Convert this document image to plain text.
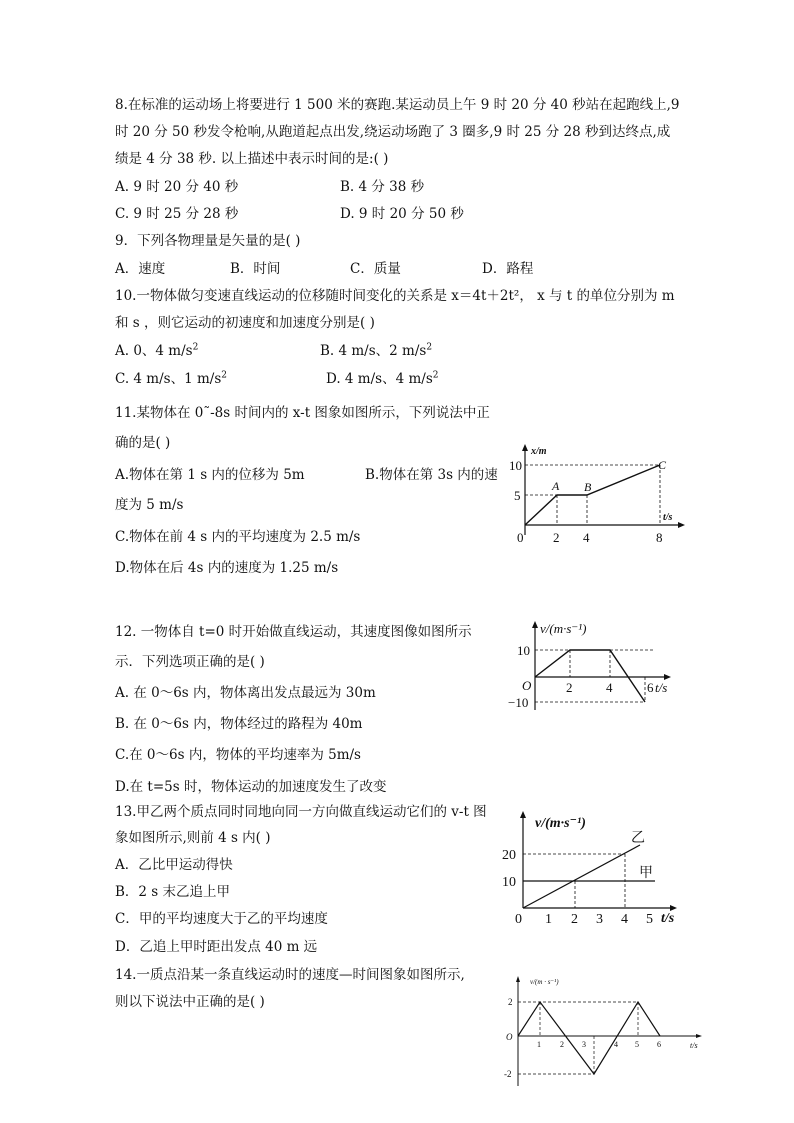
8.在标准的运动场上将要进行 1 500 米的赛跑.某运动员上午 9 时 20 分 40 秒站在起跑线上,9
时 20 分 50 秒发令枪响,从跑道起点出发,绕运动场跑了 3 圈多,9 时 25 分 28 秒到达终点,成
绩是 4 分 38 秒. 以上描述中表示时间的是:( )
A. 9 时 20 分 40 秒	B. 4 分 38 秒
C. 9 时 25 分 28 秒	D. 9 时 20 分 50 秒
9．下列各物理量是矢量的是( )
A．速度	B．时间	C．质量	D．路程
10.一物体做匀变速直线运动的位移随时间变化的关系是 x＝4t＋2t²， x 与 t 的单位分别为 m
和 s ，则它运动的初速度和加速度分别是( )
A. 0、4 $m/s^2$	B. 4 m/s、2 $m/s^2$
C. 4 m/s、1 $m/s^2$	D. 4 m/s、4 $m/s^2$
11.某物体在 0˜-8s 时间内的 x-t 图象如图所示，下列说法中正
确的是( )
A.物体在第 1 s 内的位移为 5m	B.物体在第 3s 内的速
度为 5 m/s
C.物体在前 4 s 内的平均速度为 2.5 m/s
D.物体在后 4s 内的速度为 1.25 m/s
12. 一物体自 t=0 时开始做直线运动，其速度图像如图所示
示．下列选项正确的是( )
A. 在 0～6s 内，物体离出发点最远为 30m
B. 在 0～6s 内，物体经过的路程为 40m
C.在 0～6s 内，物体的平均速率为 5m/s
D.在 t=5s 时，物体运动的加速度发生了改变
13.甲乙两个质点同时同地向同一方向做直线运动它们的 v-t 图
象如图所示,则前 4 s 内( )
A．乙比甲运动得快
B．2 s 末乙追上甲
C．甲的平均速度大于乙的平均速度
D．乙追上甲时距出发点 40 m 远
14.一质点沿某一条直线运动时的速度—时间图象如图所示,
则以下说法中正确的是( )
x/m
t/s
10
5
0 2 4	8
A B
C
v/(m·s⁻¹)
t/s
10
−10
O	2	4	6
v/(m·s⁻¹)
t/s
20
10
0 1 2 3 4 5
乙
甲
v/(m · s⁻¹)
t/s
2
-2
O
1 2 3	4 5 6
